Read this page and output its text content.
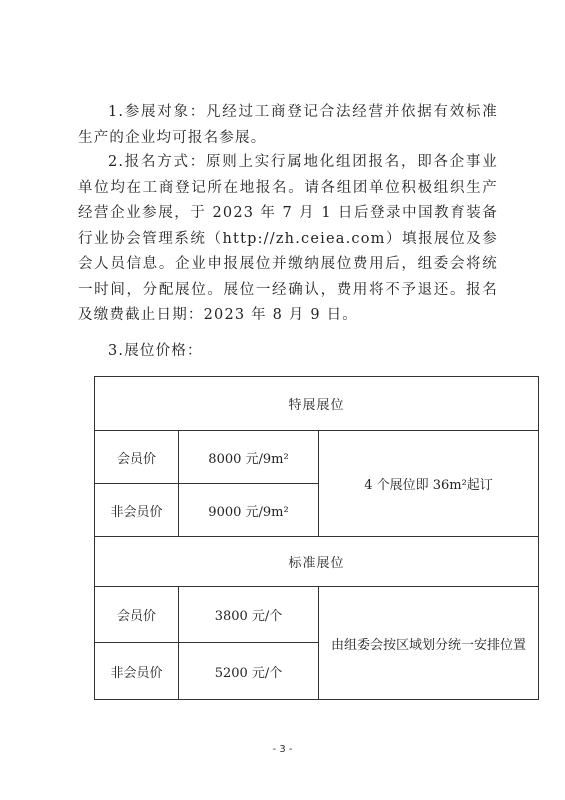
1.参展对象：凡经过工商登记合法经营并依据有效标准生产的企业均可报名参展。

2.报名方式：原则上实行属地化组团报名，即各企事业单位均在工商登记所在地报名。请各组团单位积极组织生产经营企业参展，于 2023 年 7 月 1 日后登录中国教育装备行业协会管理系统（http://zh.ceiea.com）填报展位及参会人员信息。企业申报展位并缴纳展位费用后，组委会将统一时间，分配展位。展位一经确认，费用将不予退还。报名及缴费截止日期：2023 年 8 月 9 日。

3.展位价格：

特展展位		
会员价	8000 元/9m²	4 个展位即 36m²起订
非会员价	9000 元/9m²	
标准展位		
会员价	3800 元/个	由组委会按区域划分统一安排位置
非会员价	5200 元/个	
- 3 -
